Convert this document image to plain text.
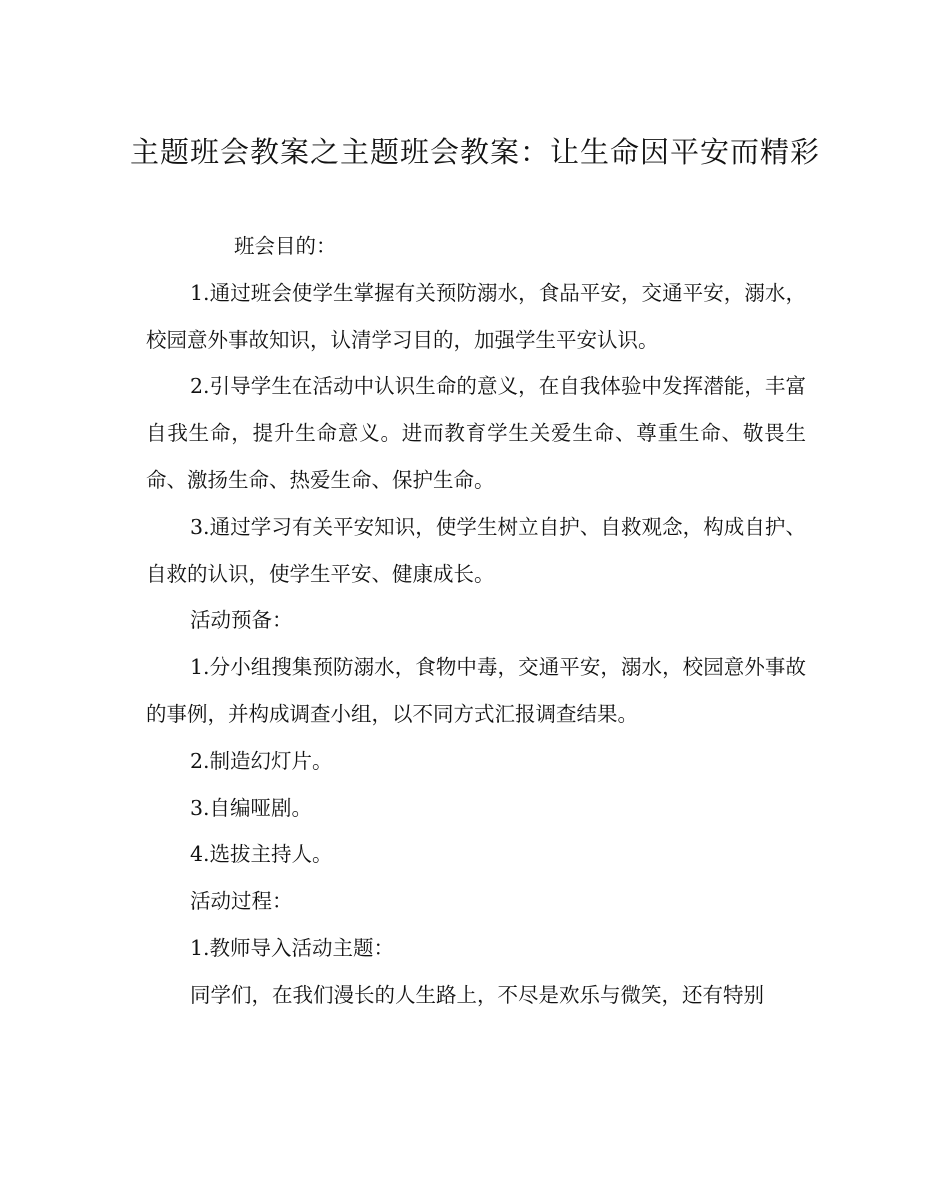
主题班会教案之主题班会教案：让生命因平安而精彩

班会目的：

1.通过班会使学生掌握有关预防溺水，食品平安，交通平安，溺水，校园意外事故知识，认清学习目的，加强学生平安认识。

2.引导学生在活动中认识生命的意义，在自我体验中发挥潜能，丰富自我生命，提升生命意义。进而教育学生关爱生命、尊重生命、敬畏生命、激扬生命、热爱生命、保护生命。

3.通过学习有关平安知识，使学生树立自护、自救观念，构成自护、自救的认识，使学生平安、健康成长。

活动预备：

1.分小组搜集预防溺水，食物中毒，交通平安，溺水，校园意外事故的事例，并构成调查小组，以不同方式汇报调查结果。

2.制造幻灯片。

3.自编哑剧。

4.选拔主持人。

活动过程：

1.教师导入活动主题：

同学们，在我们漫长的人生路上，不尽是欢乐与微笑，还有特别
